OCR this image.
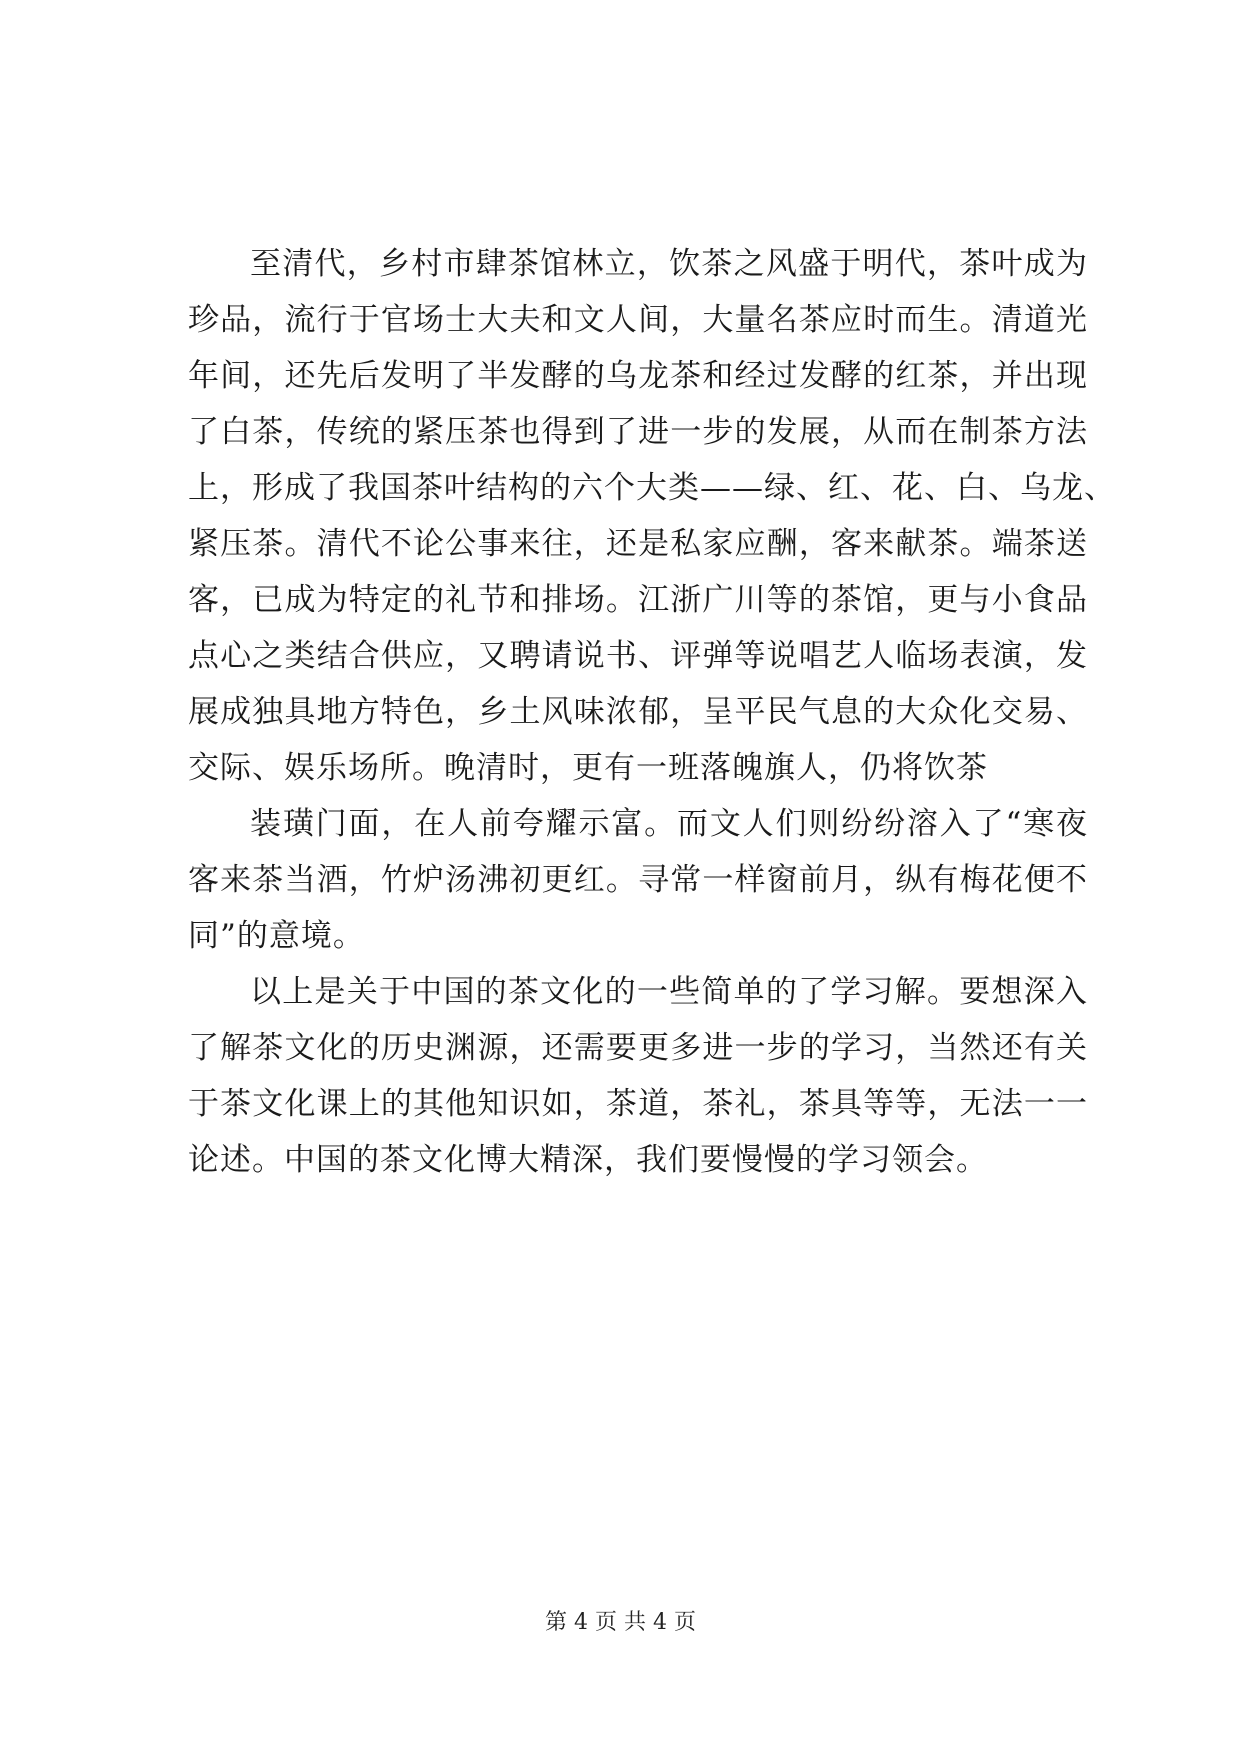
至清代，乡村市肆茶馆林立，饮茶之风盛于明代，茶叶成为
珍品，流行于官场士大夫和文人间，大量名茶应时而生。清道光
年间，还先后发明了半发酵的乌龙茶和经过发酵的红茶，并出现
了白茶，传统的紧压茶也得到了进一步的发展，从而在制茶方法
上，形成了我国茶叶结构的六个大类——绿、红、花、白、乌龙、
紧压茶。清代不论公事来往，还是私家应酬，客来献茶。端茶送
客，已成为特定的礼节和排场。江浙广川等的茶馆，更与小食品
点心之类结合供应，又聘请说书、评弹等说唱艺人临场表演，发
展成独具地方特色，乡土风味浓郁，呈平民气息的大众化交易、
交际、娱乐场所。晚清时，更有一班落魄旗人，仍将饮茶
装璜门面，在人前夸耀示富。而文人们则纷纷溶入了“寒夜
客来茶当酒，竹炉汤沸初更红。寻常一样窗前月，纵有梅花便不
同”的意境。
以上是关于中国的茶文化的一些简单的了学习解。要想深入
了解茶文化的历史渊源，还需要更多进一步的学习，当然还有关
于茶文化课上的其他知识如，茶道，茶礼，茶具等等，无法一一
论述。中国的茶文化博大精深，我们要慢慢的学习领会。
第 4 页 共 4 页
